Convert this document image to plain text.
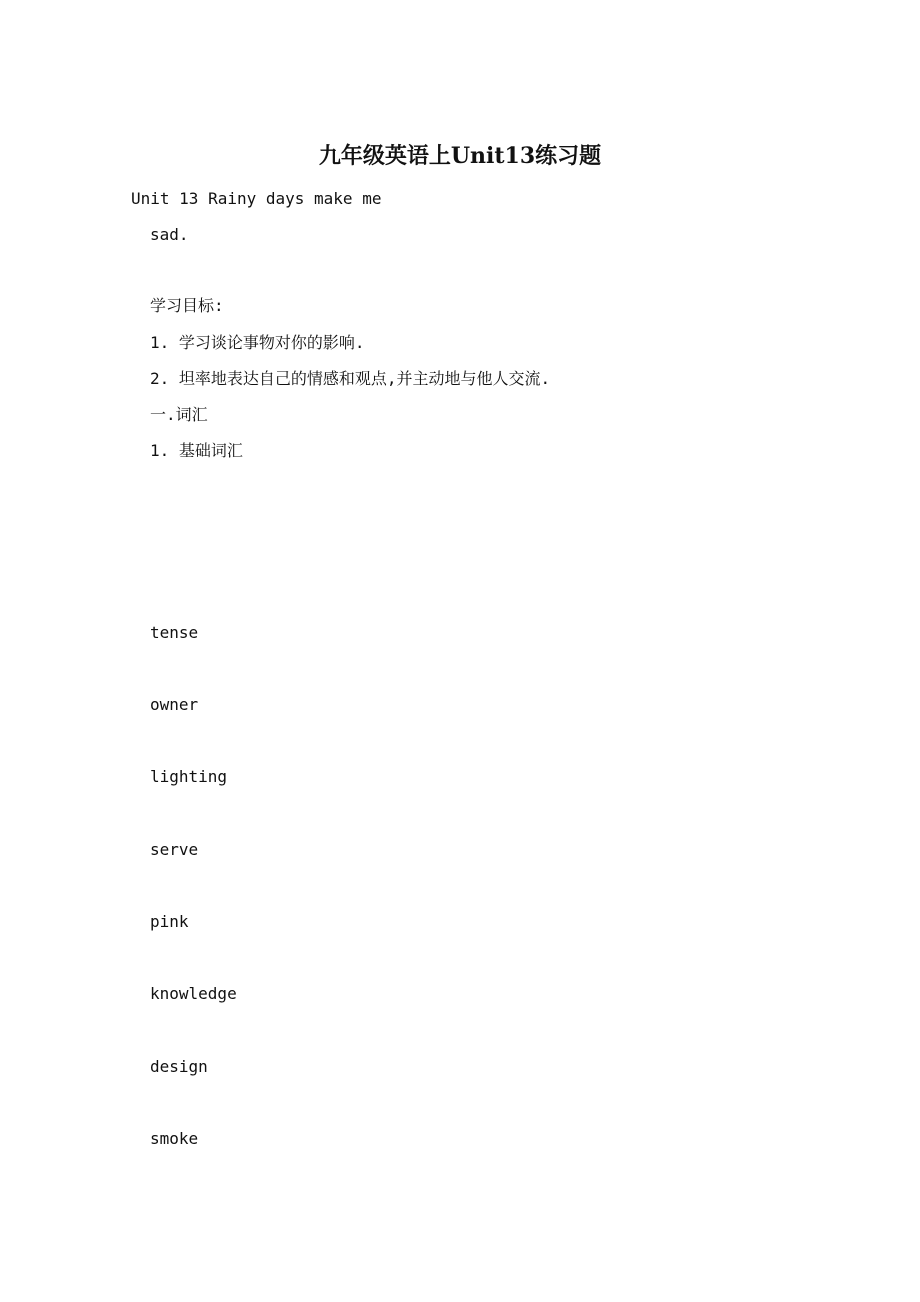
九年级英语上Unit13练习题
Unit 13 Rainy days make me
sad.
学习目标:
1. 学习谈论事物对你的影响.
2. 坦率地表达自己的情感和观点,并主动地与他人交流.
一.词汇
1. 基础词汇
tense
owner
lighting
serve
pink
knowledge
design
smoke
